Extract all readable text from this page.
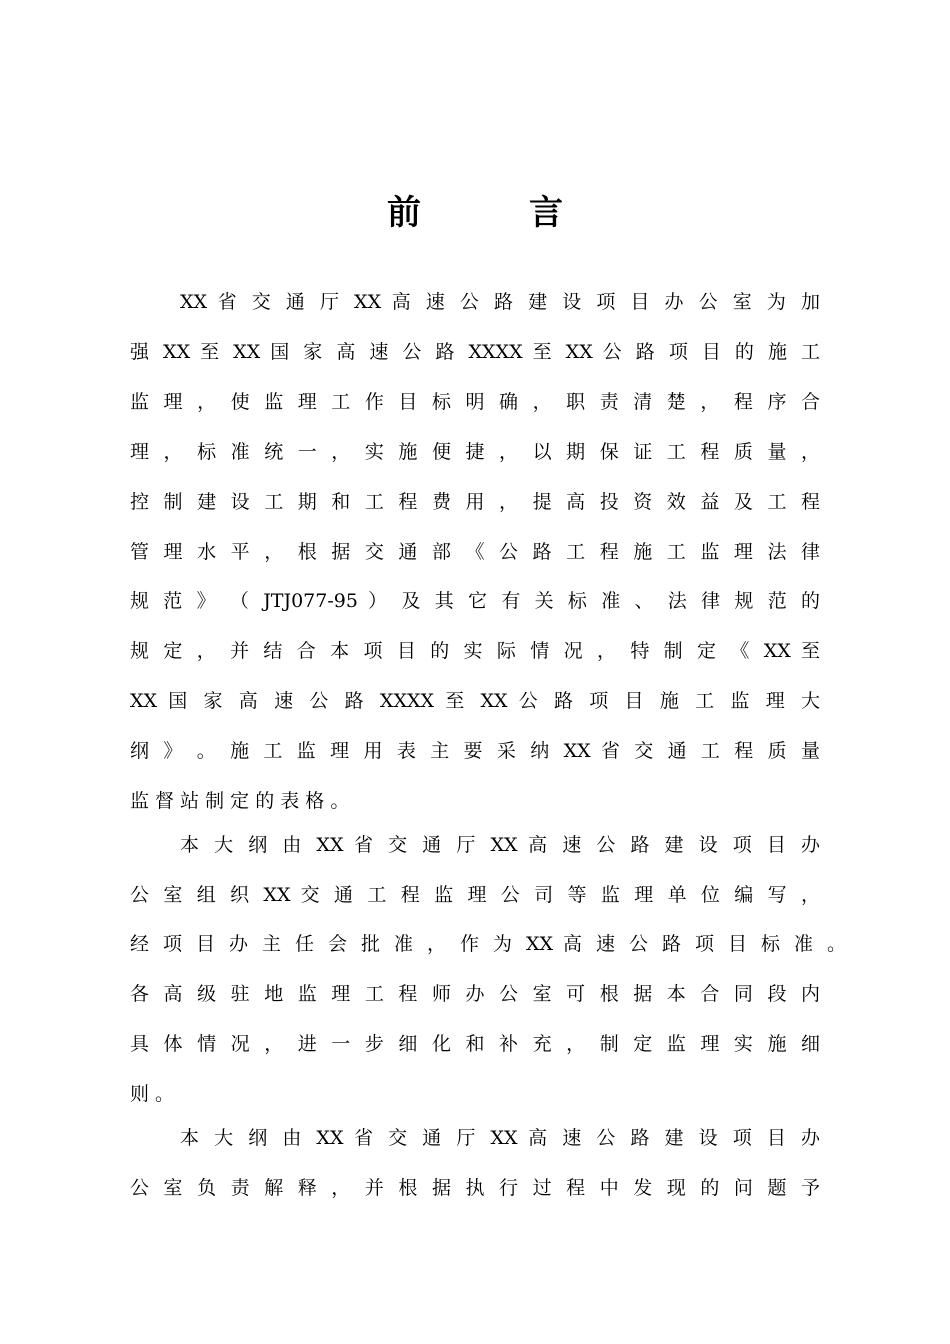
前	言
XX 省 交 通 厅 XX 高 速 公 路 建 设 项 目 办 公 室 为 加
强 XX 至 XX 国 家 高 速 公 路 XXXX 至 XX 公 路 项 目 的 施 工
监 理 ， 使 监 理 工 作 目 标 明 确 ， 职 责 清 楚 ， 程 序 合
理 ， 标 准 统 一 ， 实 施 便 捷 ， 以 期 保 证 工 程 质 量 ，
控 制 建 设 工 期 和 工 程 费 用 ， 提 高 投 资 效 益 及 工 程
管 理 水 平 ， 根 据 交 通 部 《 公 路 工 程 施 工 监 理 法 律
规 范 》 （ JTJ077-95 ） 及 其 它 有 关 标 准 、 法 律 规 范 的
规 定 ， 并 结 合 本 项 目 的 实 际 情 况 ， 特 制 定 《 XX 至
XX 国 家 高 速 公 路 XXXX 至 XX 公 路 项 目 施 工 监 理 大
纲 》 。 施 工 监 理 用 表 主 要 采 纳 XX 省 交 通 工 程 质 量
监 督 站 制 定 的 表 格 。
本 大 纲 由 XX 省 交 通 厅 XX 高 速 公 路 建 设 项 目 办
公 室 组 织 XX 交 通 工 程 监 理 公 司 等 监 理 单 位 编 写 ，
经 项 目 办 主 任 会 批 准 ， 作 为 XX 高 速 公 路 项 目 标 准 。
各 高 级 驻 地 监 理 工 程 师 办 公 室 可 根 据 本 合 同 段 内
具 体 情 况 ， 进 一 步 细 化 和 补 充 ， 制 定 监 理 实 施 细
则 。
本 大 纲 由 XX 省 交 通 厅 XX 高 速 公 路 建 设 项 目 办
公 室 负 责 解 释 ， 并 根 据 执 行 过 程 中 发 现 的 问 题 予
